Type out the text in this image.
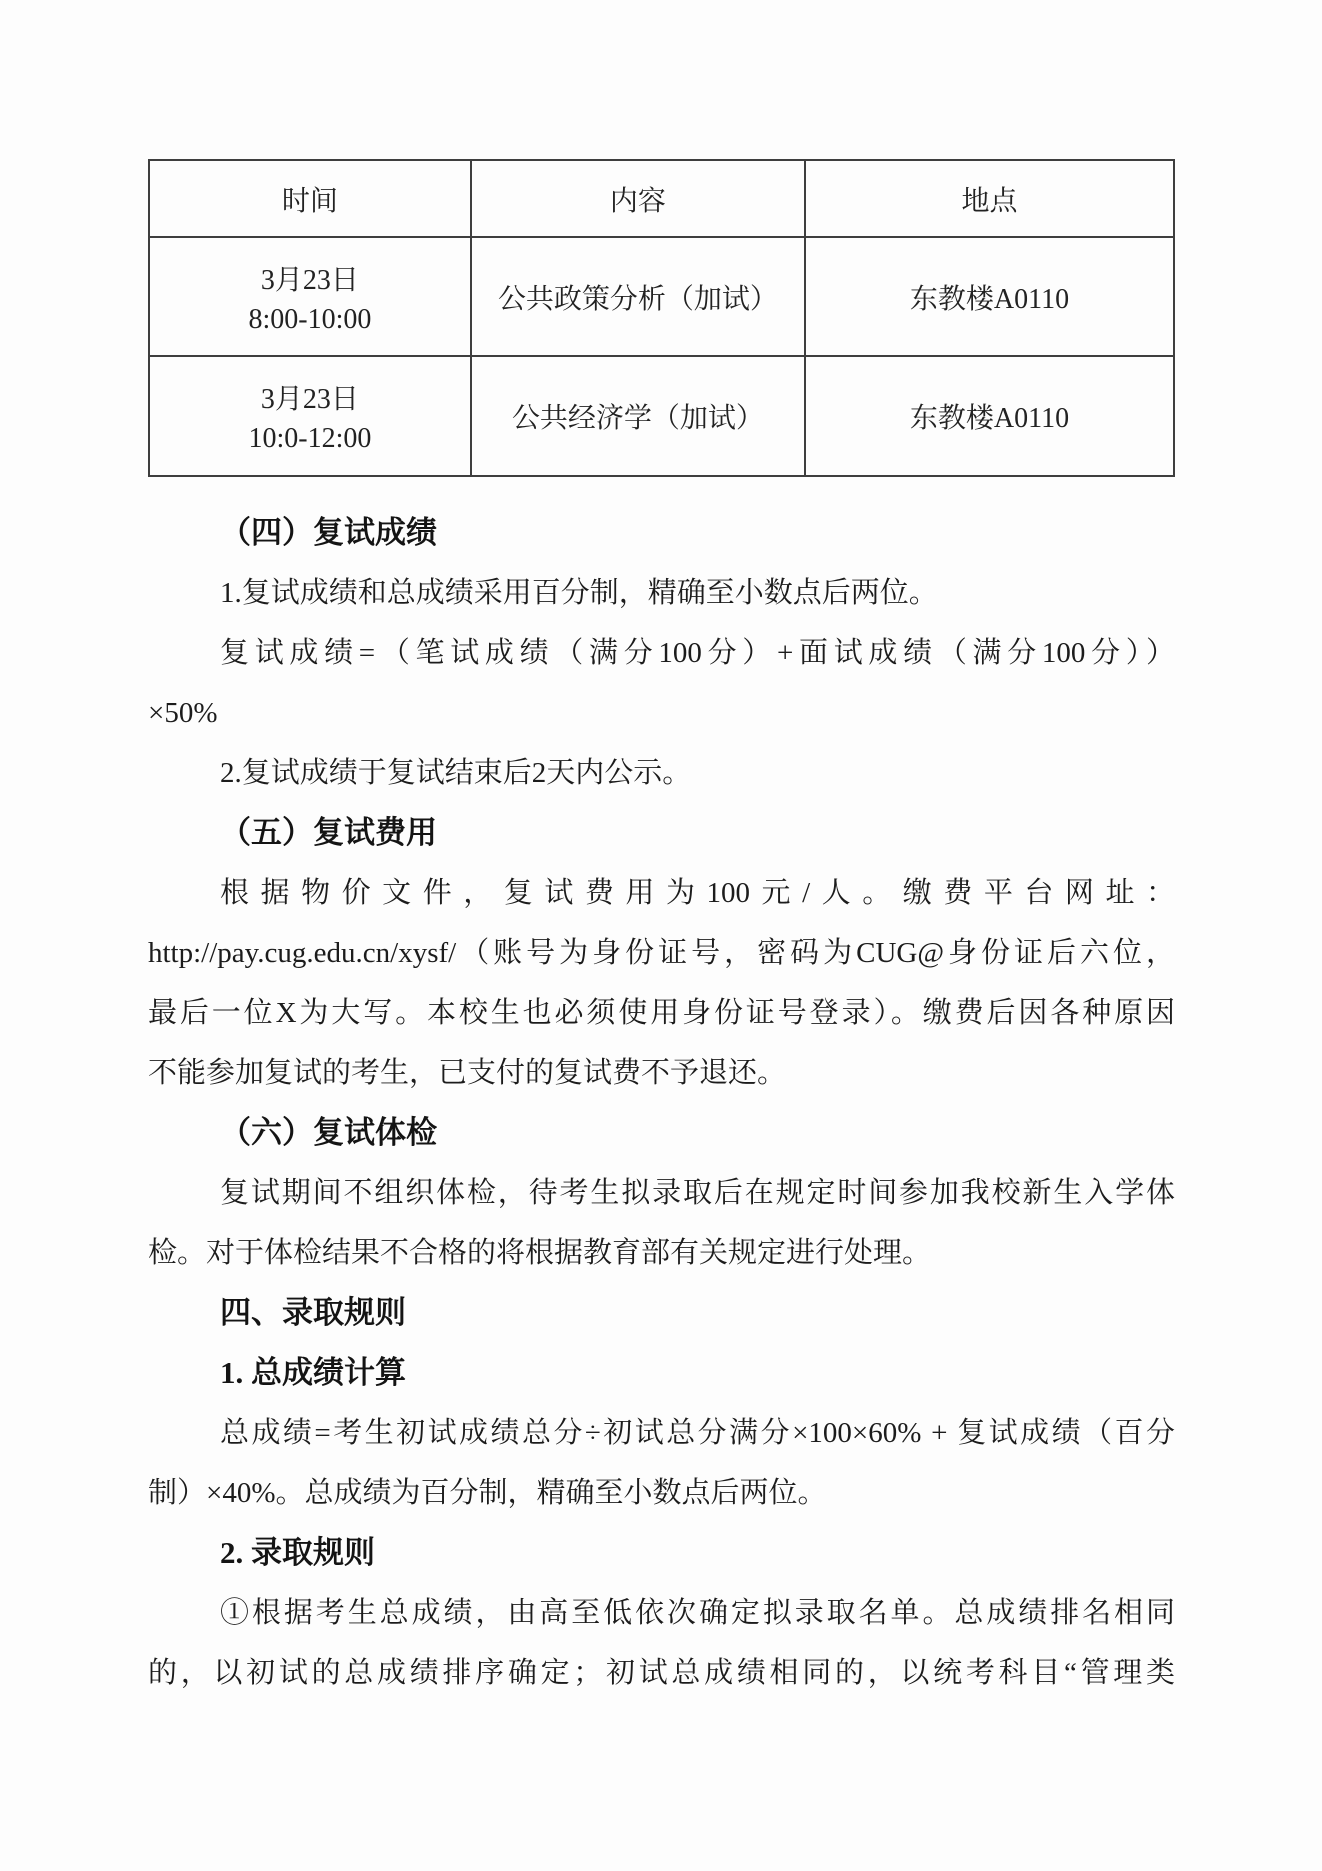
时间	内容	地点

3月23日
8:00-10:00	公共政策分析（加试）	东教楼A0110

3月23日
10:0-12:00	公共经济学（加试）	东教楼A0110
（四）复试成绩
1.复试成绩和总成绩采用百分制，精确至小数点后两位。
复试成绩=（笔试成绩（满分100分）+面试成绩（满分100分））
×50%
2.复试成绩于复试结束后2天内公示。
（五）复试费用
根据物价文件，复试费用为100元/人。缴费平台网址：
http://pay.cug.edu.cn/xysf/（账号为身份证号，密码为CUG@身份证后六位，
最后一位X为大写。本校生也必须使用身份证号登录）。缴费后因各种原因
不能参加复试的考生，已支付的复试费不予退还。
（六）复试体检
复试期间不组织体检，待考生拟录取后在规定时间参加我校新生入学体
检。对于体检结果不合格的将根据教育部有关规定进行处理。
四、录取规则
1. 总成绩计算
总成绩=考生初试成绩总分÷初试总分满分×100×60% + 复试成绩（百分
制）×40%。总成绩为百分制，精确至小数点后两位。
2. 录取规则
①根据考生总成绩，由高至低依次确定拟录取名单。总成绩排名相同
的，以初试的总成绩排序确定；初试总成绩相同的，以统考科目“管理类
